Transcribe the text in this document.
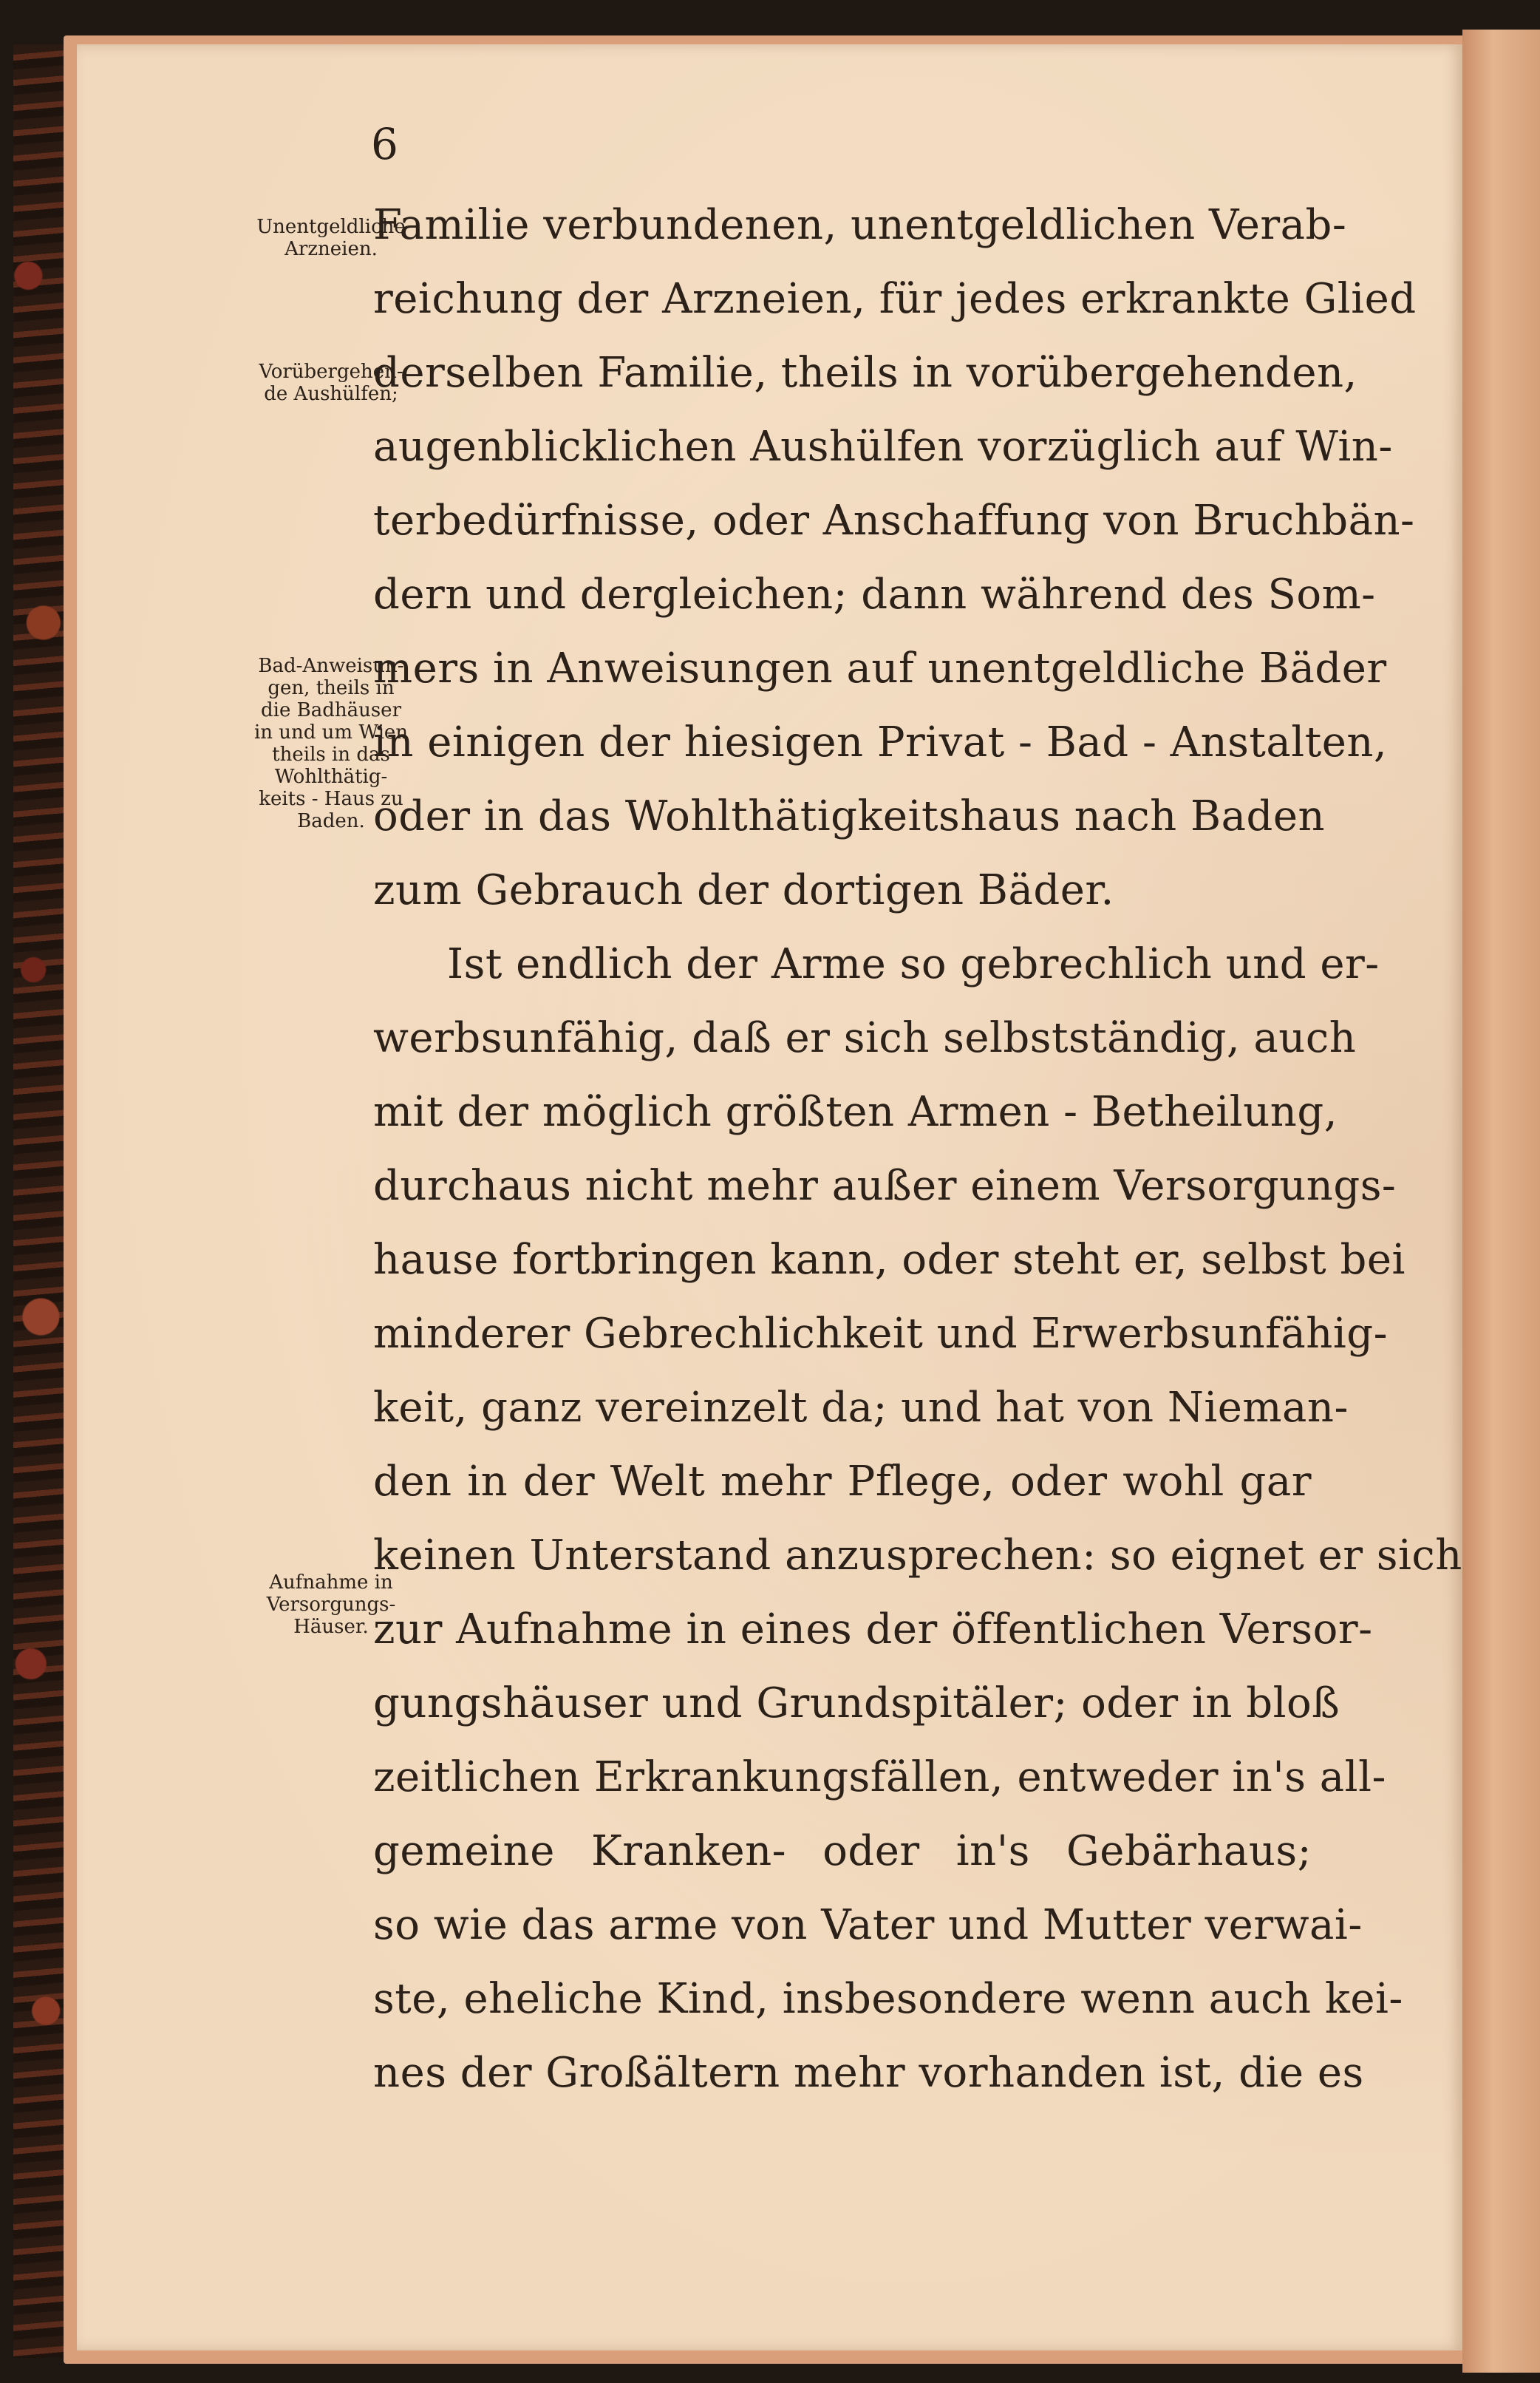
6

Unentgeldliche
Arzneien.
Vorübergehen-
de Aushülfen;
Bad-Anweisun-
gen, theils in
die Badhäuser
in und um Wien
theils in das
Wohlthätig-
keits - Haus zu
Baden.
Aufnahme in
Versorgungs-
Häuser.
Familie verbundenen, unentgeldlichen Verab-
reichung der Arzneien, für jedes erkrankte Glied
derselben Familie, theils in vorübergehenden,
augenblicklichen Aushülfen vorzüglich auf Win-
terbedürfnisse, oder Anschaffung von Bruchbän-
dern und dergleichen; dann während des Som-
mers in Anweisungen auf unentgeldliche Bäder
in einigen der hiesigen Privat - Bad - Anstalten,
oder in das Wohlthätigkeitshaus nach Baden
zum Gebrauch der dortigen Bäder.
Ist endlich der Arme so gebrechlich und er-
werbsunfähig, daß er sich selbstständig, auch
mit der möglich größten Armen - Betheilung,
durchaus nicht mehr außer einem Versorgungs-
hause fortbringen kann, oder steht er, selbst bei
minderer Gebrechlichkeit und Erwerbsunfähig-
keit, ganz vereinzelt da; und hat von Nieman-
den in der Welt mehr Pflege, oder wohl gar
keinen Unterstand anzusprechen: so eignet er sich
zur Aufnahme in eines der öffentlichen Versor-
gungshäuser und Grundspitäler; oder in bloß
zeitlichen Erkrankungsfällen, entweder in's all-
gemeine Kranken- oder in's Gebärhaus;
so wie das arme von Vater und Mutter verwai-
ste, eheliche Kind, insbesondere wenn auch kei-
nes der Großältern mehr vorhanden ist, die es
